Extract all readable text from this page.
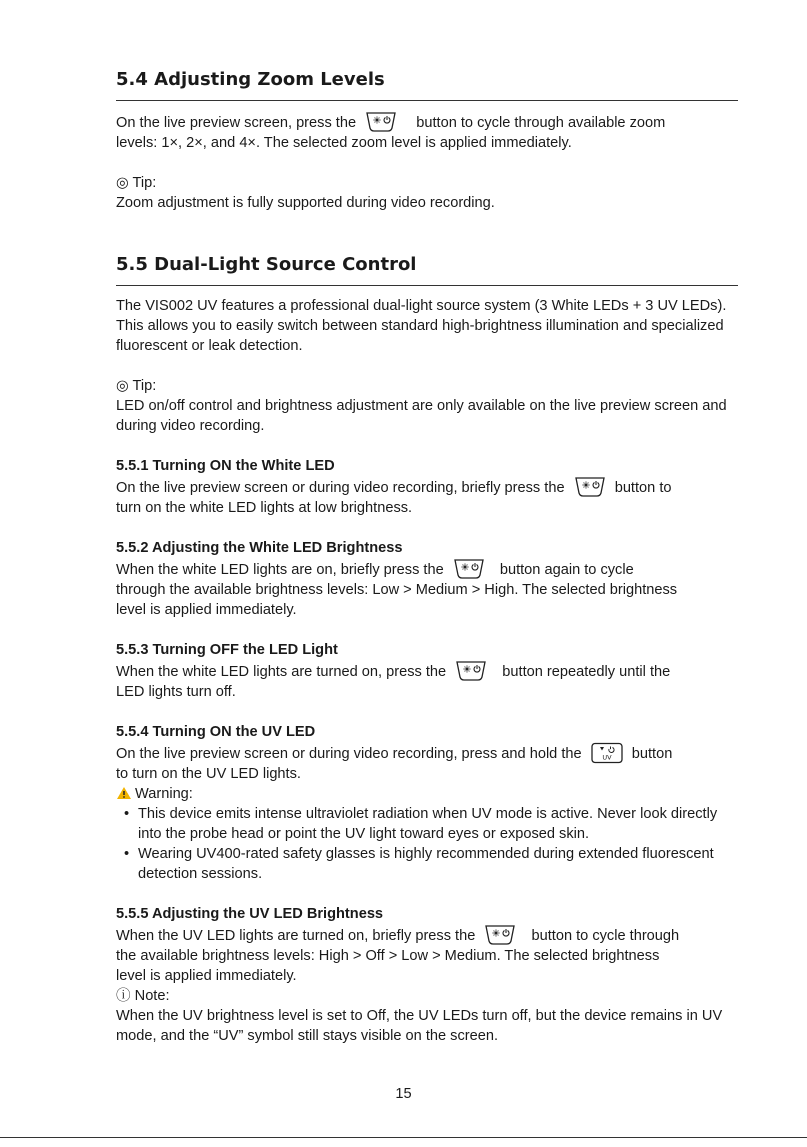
5.4 Adjusting Zoom Levels

On the live preview screen, press the	button to cycle through available zoom
levels: 1×, 2×, and 4×. The selected zoom level is applied immediately.

◎ Tip:

Zoom adjustment is fully supported during video recording.

5.5 Dual-Light Source Control

The VIS002 UV features a professional dual-light source system (3 White LEDs + 3 UV LEDs). This allows you to easily switch between standard high-brightness illumination and specialized fluorescent or leak detection.

◎ Tip:

LED on/off control and brightness adjustment are only available on the live preview screen and during video recording.

5.5.1 Turning ON the White LED

On the live preview screen or during video recording, briefly press the	button to
turn on the white LED lights at low brightness.

5.5.2 Adjusting the White LED Brightness

When the white LED lights are on, briefly press the	button again to cycle
through the available brightness levels: Low > Medium > High. The selected brightness
level is applied immediately.

5.5.3 Turning OFF the LED Light

When the white LED lights are turned on, press the	button repeatedly until the
LED lights turn off.

5.5.4 Turning ON the UV LED

On the live preview screen or during video recording, press and hold the	UV button
to turn on the UV LED lights.

Warning:

• This device emits intense ultraviolet radiation when UV mode is active. Never look directly into the probe head or point the UV light toward eyes or exposed skin.
• Wearing UV400-rated safety glasses is highly recommended during extended fluorescent detection sessions.
5.5.5 Adjusting the UV LED Brightness

When the UV LED lights are turned on, briefly press the	button to cycle through
the available brightness levels: High > Off > Low > Medium. The selected brightness
level is applied immediately.

ⓘ Note:

When the UV brightness level is set to Off, the UV LEDs turn off, but the device remains in UV mode, and the “UV” symbol still stays visible on the screen.

15
